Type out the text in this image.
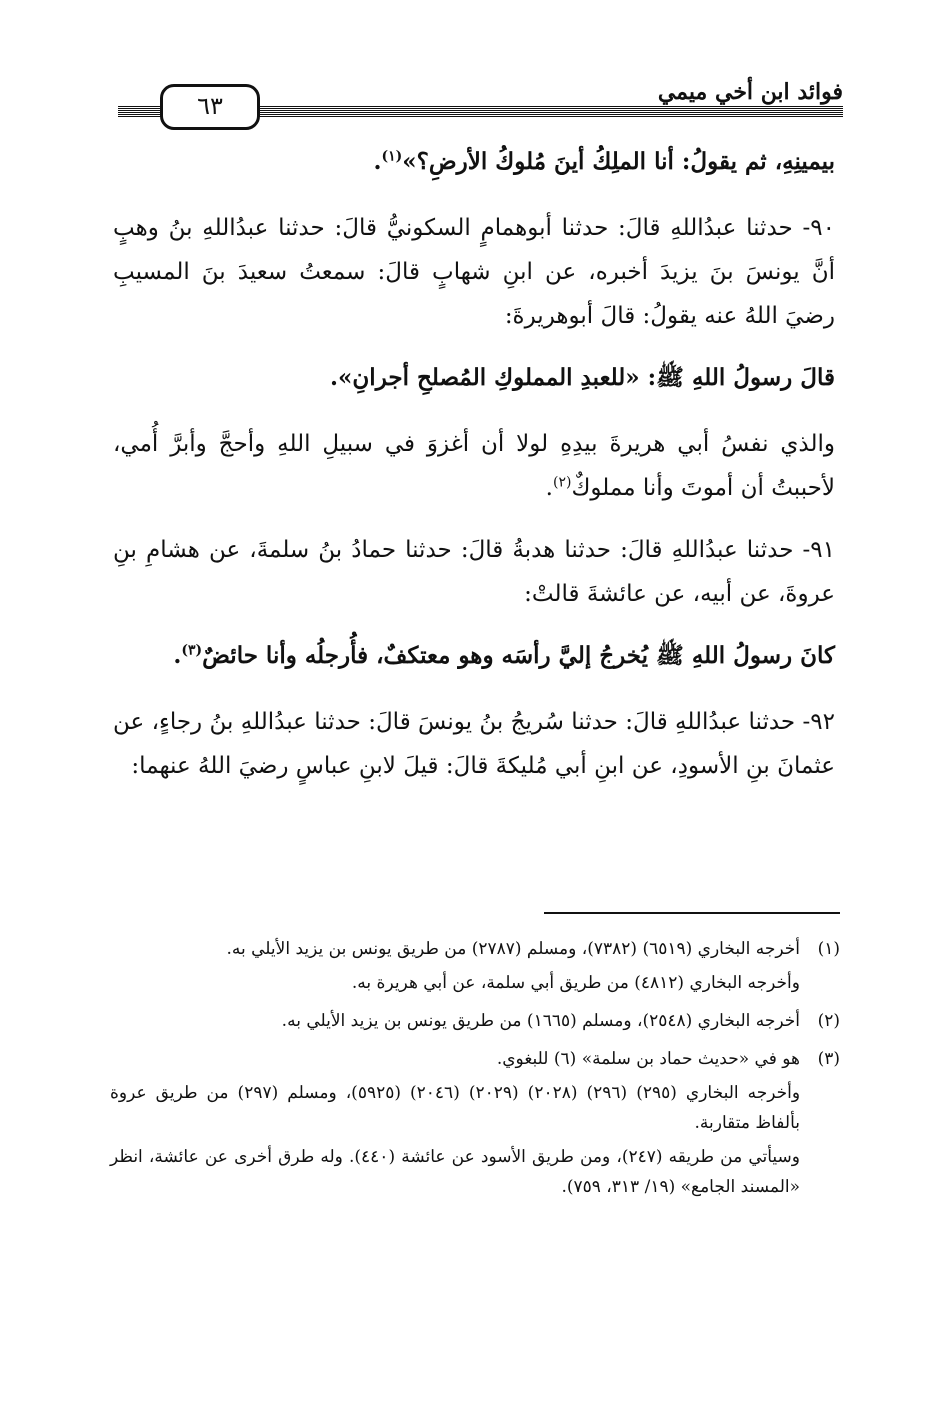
فوائد ابن أخي ميمي
٦٣

بيمينِهِ، ثم يقولُ: أنا الملِكُ أينَ مُلوكُ الأرضِ؟»$^{(١)}$.

٩٠- حدثنا عبدُاللهِ قالَ: حدثنا أبوهمامٍ السكونيُّ قالَ: حدثنا عبدُاللهِ بنُ وهبٍ أنَّ يونسَ بنَ يزيدَ أخبره، عن ابنِ شهابٍ قالَ: سمعتُ سعيدَ بنَ المسيبِ رضيَ اللهُ عنه يقولُ: قالَ أبوهريرةَ:

قالَ رسولُ اللهِ ﷺ: «للعبدِ المملوكِ المُصلحِ أجرانِ».

والذي نفسُ أبي هريرةَ بيدِهِ لولا أن أغزوَ في سبيلِ اللهِ وأحجَّ وأبرَّ أُمي، لأحببتُ أن أموتَ وأنا مملوكٌ$^{(٢)}$.

٩١- حدثنا عبدُاللهِ قالَ: حدثنا هدبةُ قالَ: حدثنا حمادُ بنُ سلمةَ، عن هشامِ بنِ عروةَ، عن أبيه، عن عائشةَ قالتْ:

كانَ رسولُ اللهِ ﷺ يُخرجُ إليَّ رأسَه وهو معتكفٌ، فأُرجلُه وأنا حائضٌ$^{(٣)}$.

٩٢- حدثنا عبدُاللهِ قالَ: حدثنا سُريجُ بنُ يونسَ قالَ: حدثنا عبدُاللهِ بنُ رجاءٍ، عن عثمانَ بنِ الأسودِ، عن ابنِ أبي مُليكةَ قالَ: قيلَ لابنِ عباسٍ رضيَ اللهُ عنهما:

(١)
أخرجه البخاري (٦٥١٩) (٧٣٨٢)، ومسلم (٢٧٨٧) من طريق يونس بن يزيد الأيلي به.
وأخرجه البخاري (٤٨١٢) من طريق أبي سلمة، عن أبي هريرة به.
(٢)
أخرجه البخاري (٢٥٤٨)، ومسلم (١٦٦٥) من طريق يونس بن يزيد الأيلي به.
(٣)
هو في «حديث حماد بن سلمة» (٦) للبغوي.
وأخرجه البخاري (٢٩٥) (٢٩٦) (٢٠٢٨) (٢٠٢٩) (٢٠٤٦) (٥٩٢٥)، ومسلم (٢٩٧) من طريق عروة بألفاظ متقاربة.
وسيأتي من طريقه (٢٤٧)، ومن طريق الأسود عن عائشة (٤٤٠). وله طرق أخرى عن عائشة، انظر «المسند الجامع» (١٩/ ٣١٣، ٧٥٩).
